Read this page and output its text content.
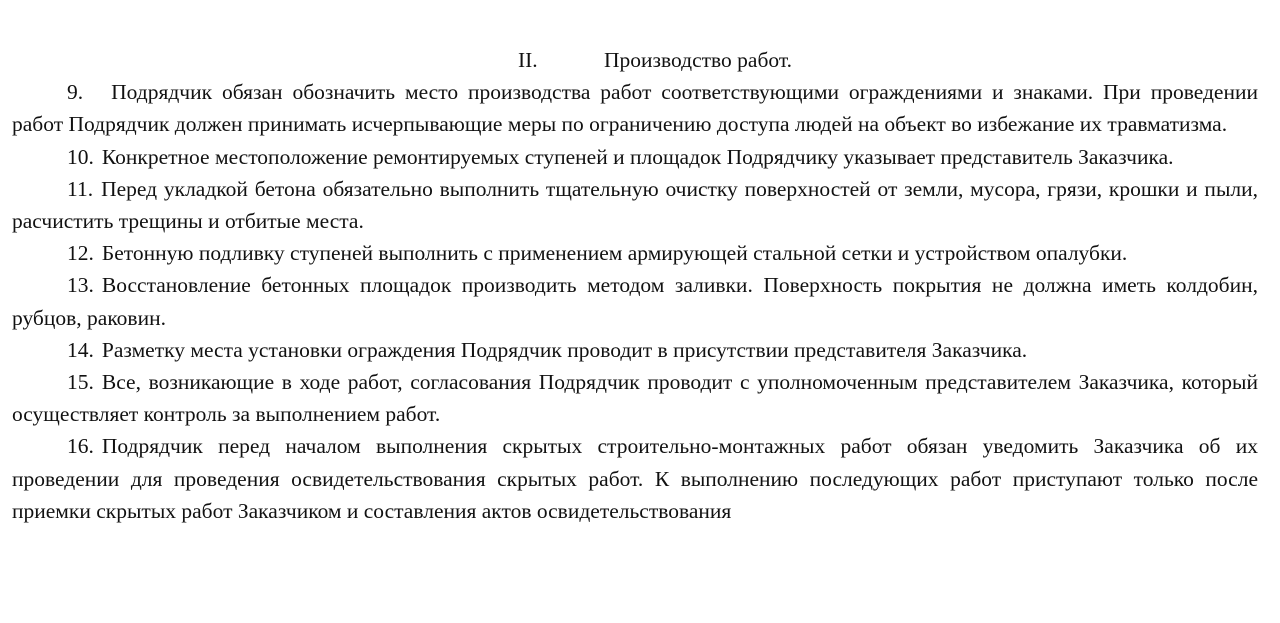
II.	Производство работ.

9. Подрядчик обязан обозначить место производства работ соответствующими ограждениями и знаками. При проведении работ Подрядчик должен принимать исчерпывающие меры по ограничению доступа людей на объект во избежание их травматизма.

10. Конкретное местоположение ремонтируемых ступеней и площадок Подрядчику указывает представитель Заказчика.

11. Перед укладкой бетона обязательно выполнить тщательную очистку поверхностей от земли, мусора, грязи, крошки и пыли, расчистить трещины и отбитые места.

12. Бетонную подливку ступеней выполнить с применением армирующей стальной сетки и устройством опалубки.

13. Восстановление бетонных площадок производить методом заливки. Поверхность покрытия не должна иметь колдобин, рубцов, раковин.

14. Разметку места установки ограждения Подрядчик проводит в присутствии представителя Заказчика.

15. Все, возникающие в ходе работ, согласования Подрядчик проводит с уполномоченным представителем Заказчика, который осуществляет контроль за выполнением работ.

16. Подрядчик перед началом выполнения скрытых строительно-монтажных работ обязан уведомить Заказчика об их проведении для проведения освидетельствования скрытых работ. К выполнению последующих работ приступают только после приемки скрытых работ Заказчиком и составления актов освидетельствования
